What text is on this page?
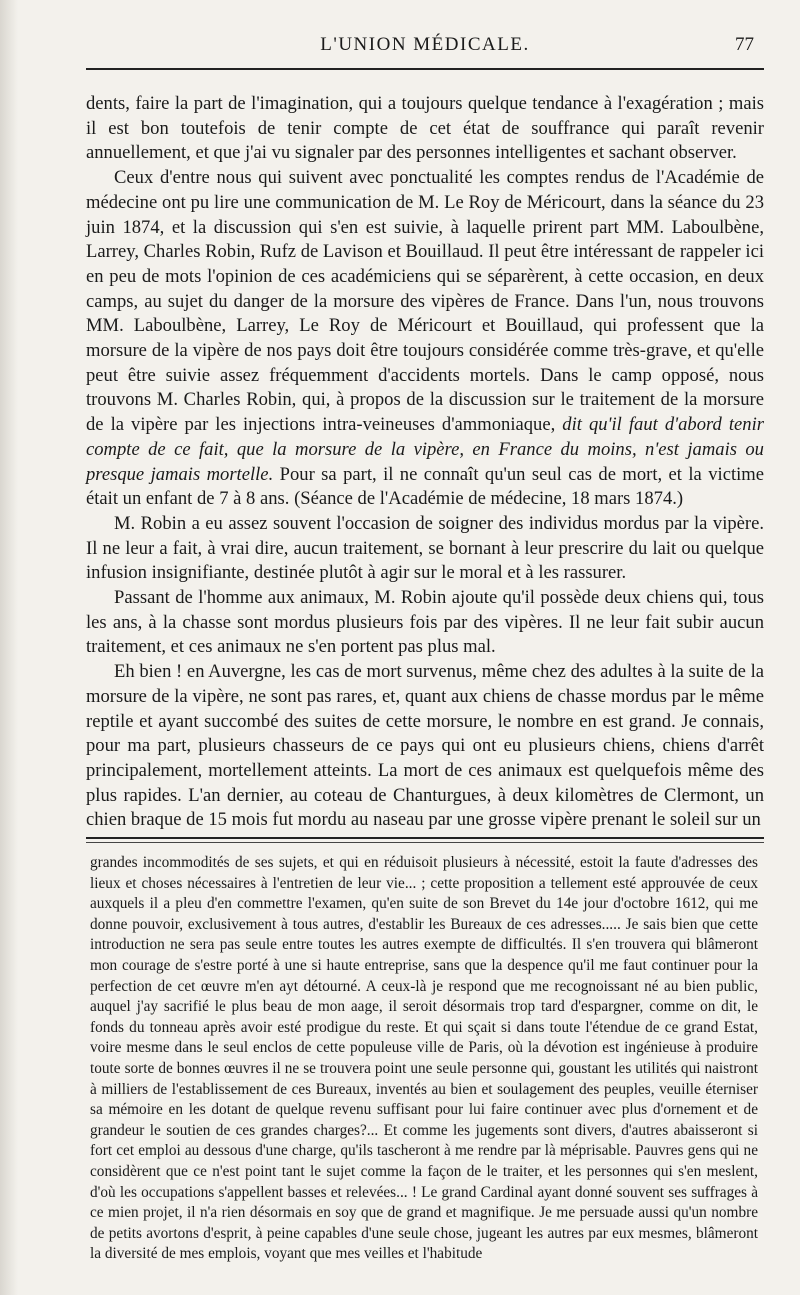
L'UNION MÉDICALE.	77

dents, faire la part de l'imagination, qui a toujours quelque tendance à l'exagération ; mais il est bon toutefois de tenir compte de cet état de souffrance qui paraît revenir annuellement, et que j'ai vu signaler par des personnes intelligentes et sachant observer.

Ceux d'entre nous qui suivent avec ponctualité les comptes rendus de l'Académie de médecine ont pu lire une communication de M. Le Roy de Méricourt, dans la séance du 23 juin 1874, et la discussion qui s'en est suivie, à laquelle prirent part MM. Laboulbène, Larrey, Charles Robin, Rufz de Lavison et Bouillaud. Il peut être intéressant de rappeler ici en peu de mots l'opinion de ces académiciens qui se séparèrent, à cette occasion, en deux camps, au sujet du danger de la morsure des vipères de France. Dans l'un, nous trouvons MM. Laboulbène, Larrey, Le Roy de Méricourt et Bouillaud, qui professent que la morsure de la vipère de nos pays doit être toujours considérée comme très-grave, et qu'elle peut être suivie assez fréquemment d'accidents mortels. Dans le camp opposé, nous trouvons M. Charles Robin, qui, à propos de la discussion sur le traitement de la morsure de la vipère par les injections intra-veineuses d'ammoniaque, dit qu'il faut d'abord tenir compte de ce fait, que la morsure de la vipère, en France du moins, n'est jamais ou presque jamais mortelle. Pour sa part, il ne connaît qu'un seul cas de mort, et la victime était un enfant de 7 à 8 ans. (Séance de l'Académie de médecine, 18 mars 1874.)

M. Robin a eu assez souvent l'occasion de soigner des individus mordus par la vipère. Il ne leur a fait, à vrai dire, aucun traitement, se bornant à leur prescrire du lait ou quelque infusion insignifiante, destinée plutôt à agir sur le moral et à les rassurer.

Passant de l'homme aux animaux, M. Robin ajoute qu'il possède deux chiens qui, tous les ans, à la chasse sont mordus plusieurs fois par des vipères. Il ne leur fait subir aucun traitement, et ces animaux ne s'en portent pas plus mal.

Eh bien ! en Auvergne, les cas de mort survenus, même chez des adultes à la suite de la morsure de la vipère, ne sont pas rares, et, quant aux chiens de chasse mordus par le même reptile et ayant succombé des suites de cette morsure, le nombre en est grand. Je connais, pour ma part, plusieurs chasseurs de ce pays qui ont eu plusieurs chiens, chiens d'arrêt principalement, mortellement atteints. La mort de ces animaux est quelquefois même des plus rapides. L'an dernier, au coteau de Chanturgues, à deux kilomètres de Clermont, un chien braque de 15 mois fut mordu au naseau par une grosse vipère prenant le soleil sur un

grandes incommodités de ses sujets, et qui en réduisoit plusieurs à nécessité, estoit la faute d'adresses des lieux et choses nécessaires à l'entretien de leur vie... ; cette proposition a tellement esté approuvée de ceux auxquels il a pleu d'en commettre l'examen, qu'en suite de son Brevet du 14e jour d'octobre 1612, qui me donne pouvoir, exclusivement à tous autres, d'establir les Bureaux de ces adresses..... Je sais bien que cette introduction ne sera pas seule entre toutes les autres exempte de difficultés. Il s'en trouvera qui blâmeront mon courage de s'estre porté à une si haute entreprise, sans que la despence qu'il me faut continuer pour la perfection de cet œuvre m'en ayt détourné. A ceux-là je respond que me recognoissant né au bien public, auquel j'ay sacrifié le plus beau de mon aage, il seroit désormais trop tard d'espargner, comme on dit, le fonds du tonneau après avoir esté prodigue du reste. Et qui sçait si dans toute l'étendue de ce grand Estat, voire mesme dans le seul enclos de cette populeuse ville de Paris, où la dévotion est ingénieuse à produire toute sorte de bonnes œuvres il ne se trouvera point une seule personne qui, goustant les utilités qui naistront à milliers de l'establissement de ces Bureaux, inventés au bien et soulagement des peuples, veuille éterniser sa mémoire en les dotant de quelque revenu suffisant pour lui faire continuer avec plus d'ornement et de grandeur le soutien de ces grandes charges?... Et comme les jugements sont divers, d'autres abaisseront si fort cet emploi au dessous d'une charge, qu'ils tascheront à me rendre par là méprisable. Pauvres gens qui ne considèrent que ce n'est point tant le sujet comme la façon de le traiter, et les personnes qui s'en meslent, d'où les occupations s'appellent basses et relevées... ! Le grand Cardinal ayant donné souvent ses suffrages à ce mien projet, il n'a rien désormais en soy que de grand et magnifique. Je me persuade aussi qu'un nombre de petits avortons d'esprit, à peine capables d'une seule chose, jugeant les autres par eux mesmes, blâmeront la diversité de mes emplois, voyant que mes veilles et l'habitude
